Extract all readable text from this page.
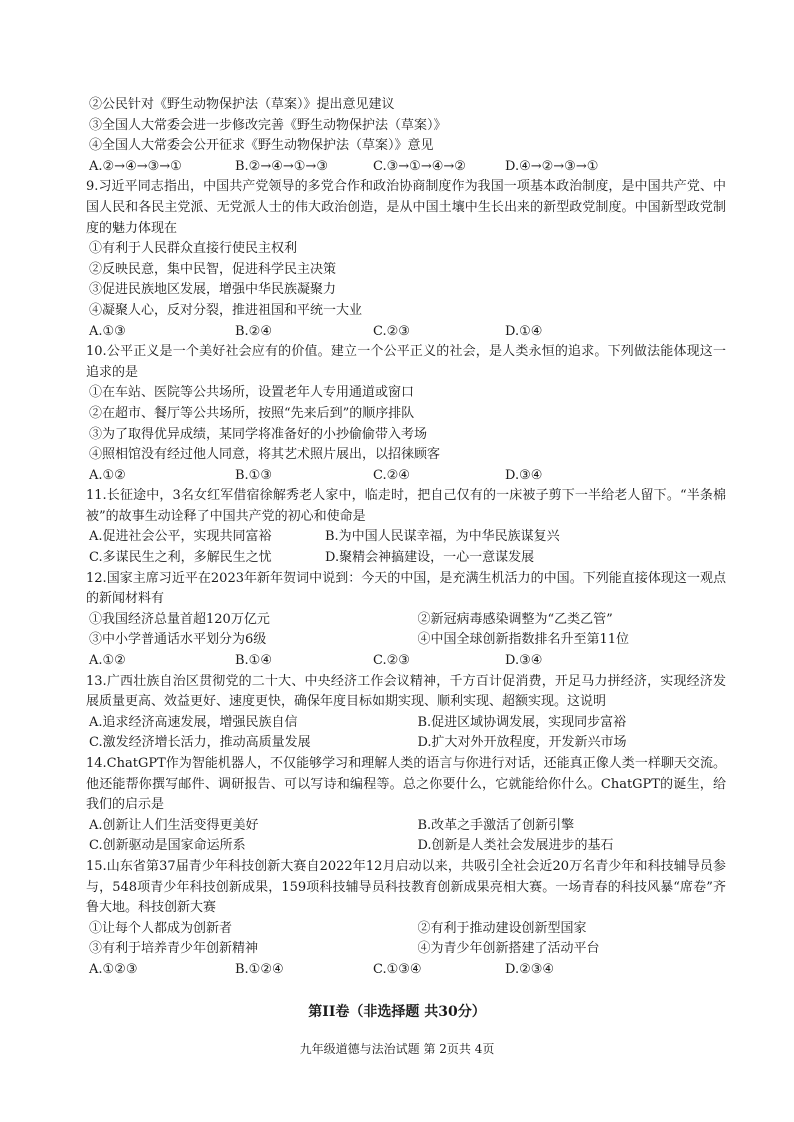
②公民针对《野生动物保护法（草案）》提出意见建议
③全国人大常委会进一步修改完善《野生动物保护法（草案）》
④全国人大常委会公开征求《野生动物保护法（草案）》意见
A.②→④→③→①	B.②→④→①→③	C.③→①→④→②	D.④→②→③→①
9.习近平同志指出，中国共产党领导的多党合作和政治协商制度作为我国一项基本政治制度，是中国共产党、中国人民和各民主党派、无党派人士的伟大政治创造，是从中国土壤中生长出来的新型政党制度。中国新型政党制度的魅力体现在
①有利于人民群众直接行使民主权利
②反映民意，集中民智，促进科学民主决策
③促进民族地区发展，增强中华民族凝聚力
④凝聚人心，反对分裂，推进祖国和平统一大业
A.①③	B.②④	C.②③	D.①④
10.公平正义是一个美好社会应有的价值。建立一个公平正义的社会，是人类永恒的追求。下列做法能体现这一追求的是
①在车站、医院等公共场所，设置老年人专用通道或窗口
②在超市、餐厅等公共场所，按照“先来后到”的顺序排队
③为了取得优异成绩，某同学将准备好的小抄偷偷带入考场
④照相馆没有经过他人同意，将其艺术照片展出，以招徕顾客
A.①②	B.①③	C.②④	D.③④
11.长征途中，3名女红军借宿徐解秀老人家中，临走时，把自己仅有的一床被子剪下一半给老人留下。“半条棉被”的故事生动诠释了中国共产党的初心和使命是
A.促进社会公平，实现共同富裕	B.为中国人民谋幸福，为中华民族谋复兴
C.多谋民生之利，多解民生之忧	D.聚精会神搞建设，一心一意谋发展
12.国家主席习近平在2023年新年贺词中说到：今天的中国，是充满生机活力的中国。下列能直接体现这一观点的新闻材料有
①我国经济总量首超120万亿元	②新冠病毒感染调整为“乙类乙管”
③中小学普通话水平划分为6级	④中国全球创新指数排名升至第11位
A.①②	B.①④	C.②③	D.③④
13.广西壮族自治区贯彻党的二十大、中央经济工作会议精神，千方百计促消费，开足马力拼经济，实现经济发展质量更高、效益更好、速度更快，确保年度目标如期实现、顺利实现、超额实现。这说明
A.追求经济高速发展，增强民族自信	B.促进区域协调发展，实现同步富裕
C.激发经济增长活力，推动高质量发展	D.扩大对外开放程度，开发新兴市场
14.ChatGPT作为智能机器人，不仅能够学习和理解人类的语言与你进行对话，还能真正像人类一样聊天交流。他还能帮你撰写邮件、调研报告、可以写诗和编程等。总之你要什么，它就能给你什么。ChatGPT的诞生，给我们的启示是
A.创新让人们生活变得更美好	B.改革之手激活了创新引擎
C.创新驱动是国家命运所系	D.创新是人类社会发展进步的基石
15.山东省第37届青少年科技创新大赛自2022年12月启动以来，共吸引全社会近20万名青少年和科技辅导员参与，548项青少年科技创新成果，159项科技辅导员科技教育创新成果亮相大赛。一场青春的科技风暴“席卷”齐鲁大地。科技创新大赛
①让每个人都成为创新者	②有利于推动建设创新型国家
③有利于培养青少年创新精神	④为青少年创新搭建了活动平台
A.①②③	B.①②④	C.①③④	D.②③④
第II卷（非选择题 共30分）
九年级道德与法治试题 第 2页共 4页
